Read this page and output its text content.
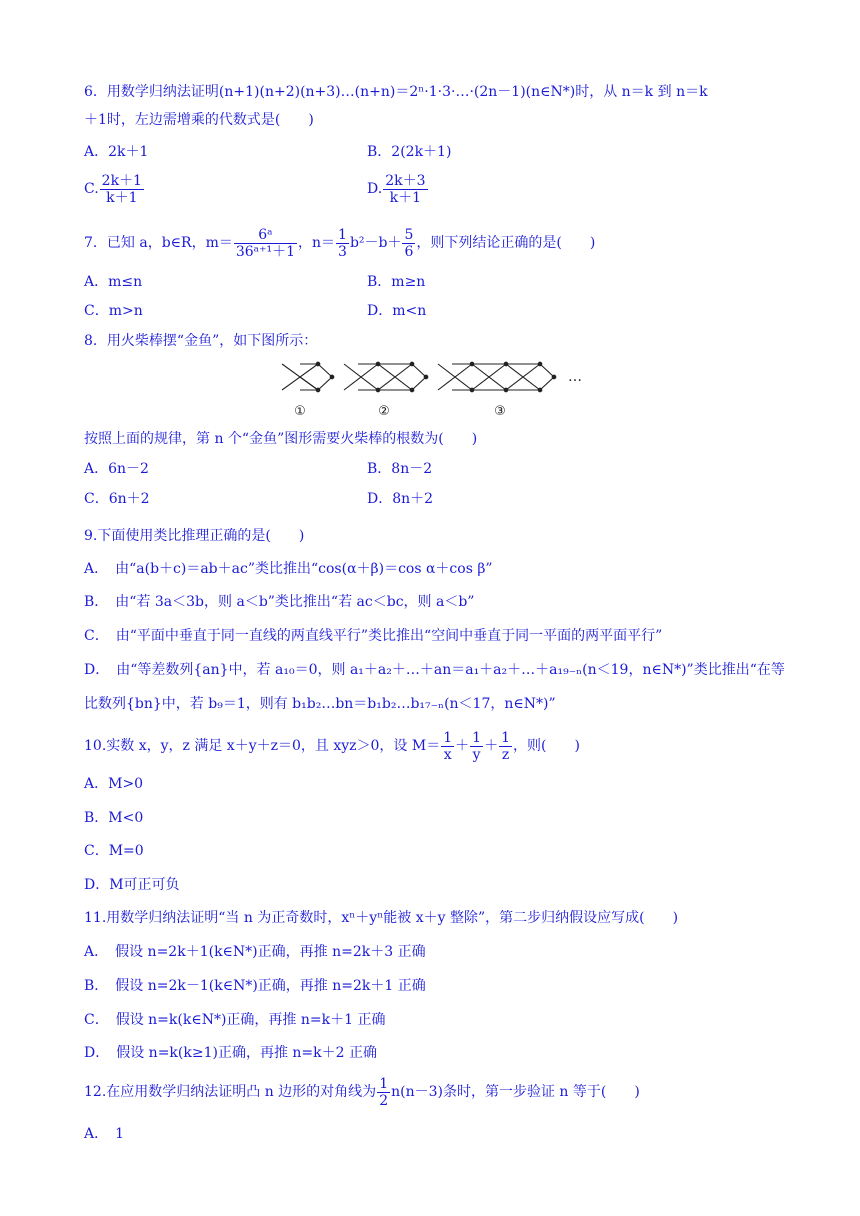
6．用数学归纳法证明(n+1)(n+2)(n+3)…(n+n)＝2ⁿ·1·3·…·(2n－1)(n∈N*)时，从 n＝k 到 n＝k
＋1时，左边需增乘的代数式是(　　)
A．2k＋1	B．2(2k＋1)
C. $\frac{2k+1}{k+1}$	D. $\frac{2k+3}{k+1}$
7．已知 a，b∈R，$m= \frac{\text{6ᵃ}}{\text{36ᵃ⁺¹＋1}}$ ，$n= \frac{1}{3} b^2-b+ \frac{5}{6}$ ，则下列结论正确的是(　　)
A．m≤n	B．m≥n
C．m>n	D．m<n
8．用火柴棒摆“金鱼”，如下图所示：
…
①	②	③
按照上面的规律，第 n 个“金鱼”图形需要火柴棒的根数为(　　)
A．6n－2	B．8n－2
C．6n＋2	D．8n＋2
9.下面使用类比推理正确的是(　　)
A．　由“a(b＋c)＝ab＋ac”类比推出“cos(α＋β)＝cos α＋cos β”
B．　由“若 3a＜3b，则 a＜b”类比推出“若 ac＜bc，则 a＜b”
C．　由“平面中垂直于同一直线的两直线平行”类比推出“空间中垂直于同一平面的两平面平行”
D．　由“等差数列{an}中，若 a₁₀＝0，则 a₁＋a₂＋…＋an＝a₁＋a₂＋…＋a₁₉₋ₙ(n＜19，n∈N*)”类比推出“在等
比数列{bn}中，若 b₉＝1，则有 b₁b₂…bn＝b₁b₂…b₁₇₋ₙ(n＜17，n∈N*)”
10.实数 x，y，z 满足 x＋y＋z＝0，且 xyz＞0，设 $M= \frac{1}{x} + \frac{1}{y} + \frac{1}{z}$ ，则(　　)
A．M>0
B．M<0
C．M=0
D．M可正可负
11.用数学归纳法证明“当 n 为正奇数时，xⁿ＋yⁿ能被 x＋y 整除”，第二步归纳假设应写成(　　)
A．　假设 n=2k＋1(k∈N*)正确，再推 n=2k＋3 正确
B．　假设 n=2k－1(k∈N*)正确，再推 n=2k＋1 正确
C．　假设 n=k(k∈N*)正确，再推 n=k＋1 正确
D．　假设 n=k(k≥1)正确，再推 n=k＋2 正确
12.在应用数学归纳法证明凸 n 边形的对角线为 $\frac{1}{2} n(n-3)$条时，第一步验证 n 等于(　　)
A．　1
